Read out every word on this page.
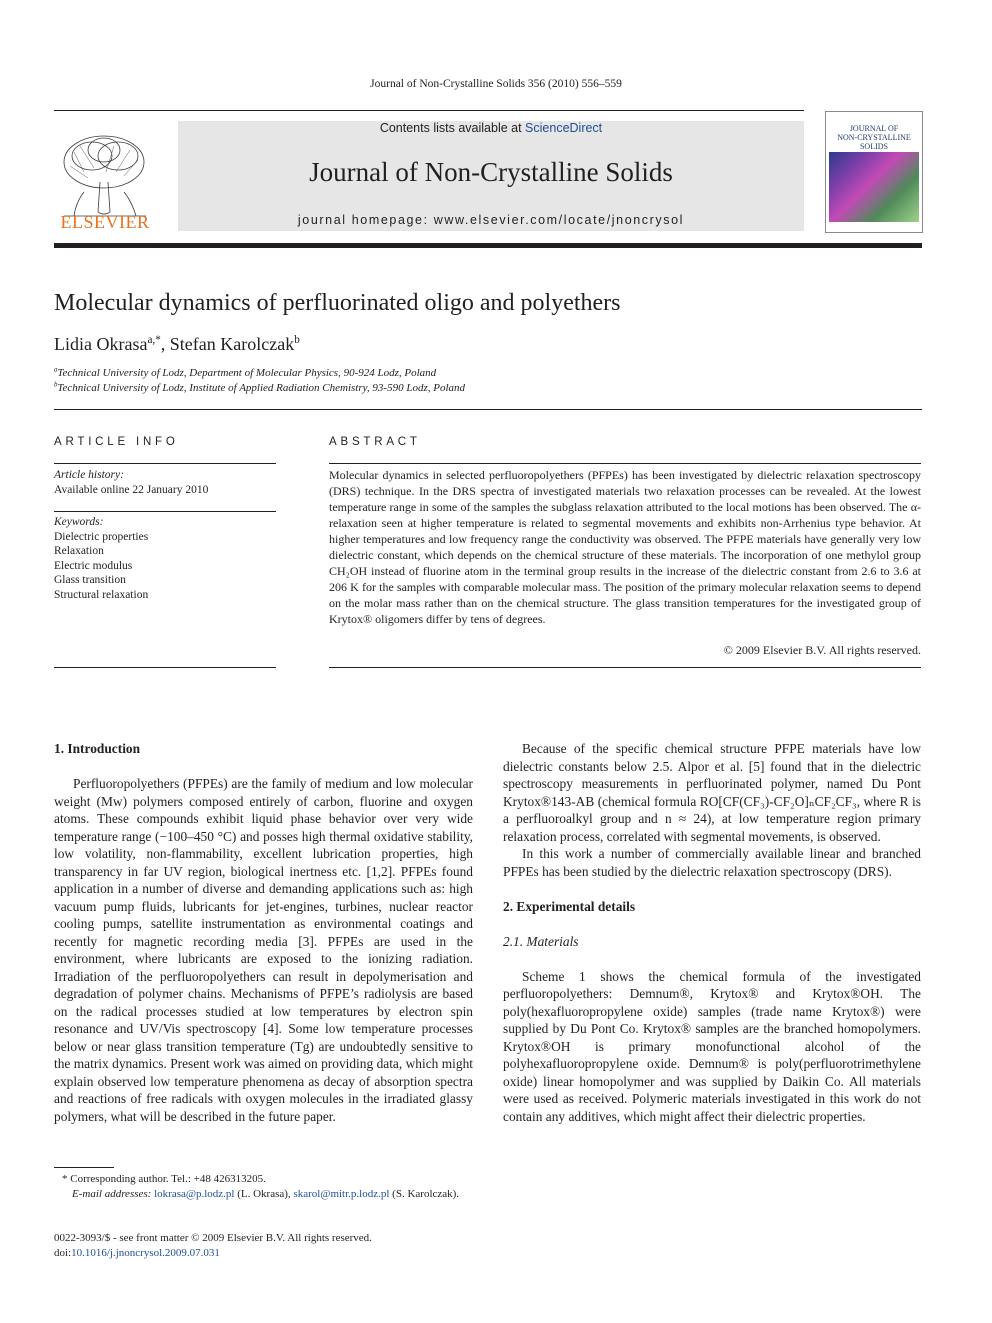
Journal of Non-Crystalline Solids 356 (2010) 556–559
ELSEVIER
Contents lists available at ScienceDirect
Journal of Non-Crystalline Solids
journal homepage: www.elsevier.com/locate/jnoncrysol
JOURNAL OF
NON-CRYSTALLINE SOLIDS
Molecular dynamics of perfluorinated oligo and polyethers
Lidia Okrasa$^{a,*}$, Stefan Karolczak$^b$
$^a$Technical University of Lodz, Department of Molecular Physics, 90-924 Lodz, Poland
$^b$Technical University of Lodz, Institute of Applied Radiation Chemistry, 93-590 Lodz, Poland
ARTICLE INFO
Article history:
Available online 22 January 2010
Keywords:
Dielectric properties
Relaxation
Electric modulus
Glass transition
Structural relaxation
ABSTRACT
Molecular dynamics in selected perfluoropolyethers (PFPEs) has been investigated by dielectric relaxation spectroscopy (DRS) technique. In the DRS spectra of investigated materials two relaxation processes can be revealed. At the lowest temperature range in some of the samples the subglass relaxation attributed to the local motions has been observed. The α-relaxation seen at higher temperature is related to segmental movements and exhibits non-Arrhenius type behavior. At higher temperatures and low frequency range the conductivity was observed. The PFPE materials have generally very low dielectric constant, which depends on the chemical structure of these materials. The incorporation of one methylol group CH₂OH instead of fluorine atom in the terminal group results in the increase of the dielectric constant from 2.6 to 3.6 at 206 K for the samples with comparable molecular mass. The position of the primary molecular relaxation seems to depend on the molar mass rather than on the chemical structure. The glass transition temperatures for the investigated group of Krytox® oligomers differ by tens of degrees.
© 2009 Elsevier B.V. All rights reserved.
1. Introduction

Perfluoropolyethers (PFPEs) are the family of medium and low molecular weight (Mw) polymers composed entirely of carbon, fluorine and oxygen atoms. These compounds exhibit liquid phase behavior over very wide temperature range (−100–450 °C) and posses high thermal oxidative stability, low volatility, non-flammability, excellent lubrication properties, high transparency in far UV region, biological inertness etc. [1,2]. PFPEs found application in a number of diverse and demanding applications such as: high vacuum pump fluids, lubricants for jet-engines, turbines, nuclear reactor cooling pumps, satellite instrumentation as environmental coatings and recently for magnetic recording media [3]. PFPEs are used in the environment, where lubricants are exposed to the ionizing radiation. Irradiation of the perfluoropolyethers can result in depolymerisation and degradation of polymer chains. Mechanisms of PFPE’s radiolysis are based on the radical processes studied at low temperatures by electron spin resonance and UV/Vis spectroscopy [4]. Some low temperature processes below or near glass transition temperature (Tg) are undoubtedly sensitive to the matrix dynamics. Present work was aimed on providing data, which might explain observed low temperature phenomena as decay of absorption spectra and reactions of free radicals with oxygen molecules in the irradiated glassy polymers, what will be described in the future paper.

Because of the specific chemical structure PFPE materials have low dielectric constants below 2.5. Alpor et al. [5] found that in the dielectric spectroscopy measurements in perfluorinated polymer, named Du Pont Krytox®143-AB (chemical formula RO[CF(CF₃)-CF₂O]ₙCF₂CF₃, where R is a perfluoroalkyl group and n ≈ 24), at low temperature region primary relaxation process, correlated with segmental movements, is observed.

In this work a number of commercially available linear and branched PFPEs has been studied by the dielectric relaxation spectroscopy (DRS).

2. Experimental details
2.1. Materials

Scheme 1 shows the chemical formula of the investigated perfluoropolyethers: Demnum®, Krytox® and Krytox®OH. The poly(hexafluoropropylene oxide) samples (trade name Krytox®) were supplied by Du Pont Co. Krytox® samples are the branched homopolymers. Krytox®OH is primary monofunctional alcohol of the polyhexafluoropropylene oxide. Demnum® is poly(perfluorotrimethylene oxide) linear homopolymer and was supplied by Daikin Co. All materials were used as received. Polymeric materials investigated in this work do not contain any additives, which might affect their dielectric properties.

* Corresponding author. Tel.: +48 426313205.
E-mail addresses: lokrasa@p.lodz.pl (L. Okrasa), skarol@mitr.p.lodz.pl (S. Karolczak).
0022-3093/$ - see front matter © 2009 Elsevier B.V. All rights reserved.
doi:10.1016/j.jnoncrysol.2009.07.031
